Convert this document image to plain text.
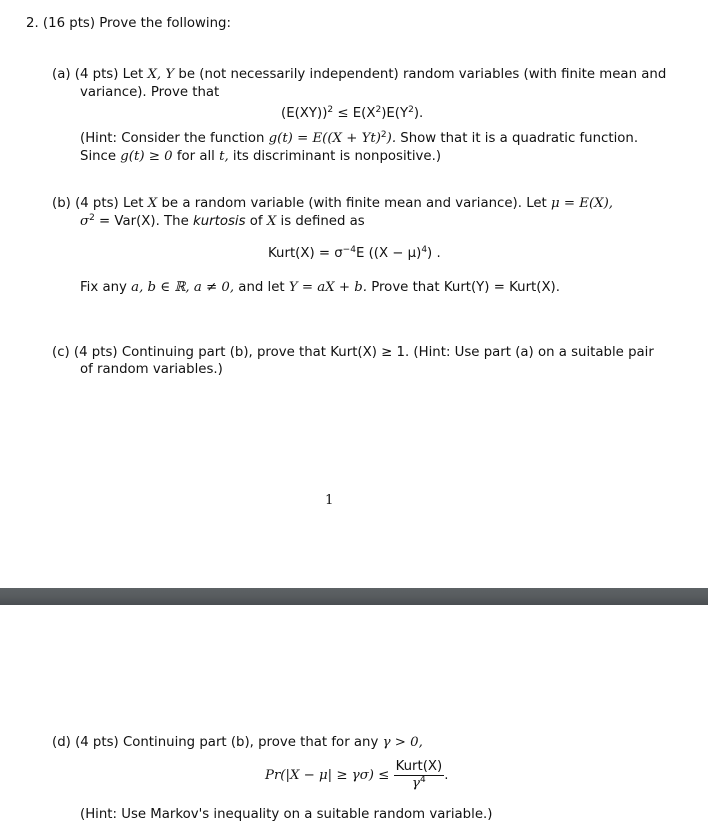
2. (16 pts) Prove the following:
(a) (4 pts) Let X, Y be (not necessarily independent) random variables (with finite mean and
variance). Prove that
$(E(XY))^2 \le E(X^2)E(Y^2)$.
(Hint: Consider the function $g(t) = E((X + Yt)^2)$. Show that it is a quadratic function.
Since g(t) ≥ 0 for all t, its discriminant is nonpositive.)
(b) (4 pts) Let X be a random variable (with finite mean and variance). Let μ = E(X),
$\sigma^2 = Var(X)$. The kurtosis of X is defined as
Kurt(X) = $\sigma^{-4}E$ $((X - \mu)^4)$ .
Fix any a, b ∈ ℝ, a ≠ 0, and let Y = aX + b. Prove that Kurt(Y) = Kurt(X).
(c) (4 pts) Continuing part (b), prove that Kurt(X) ≥ 1. (Hint: Use part (a) on a suitable pair
of random variables.)
1
(d) (4 pts) Continuing part (b), prove that for any γ > 0,
$Pr(|X - \mu| \ge \gamma\sigma) \le \frac{\text{Kurt(X)}}{\gamma^4}$ .
(Hint: Use Markov's inequality on a suitable random variable.)
